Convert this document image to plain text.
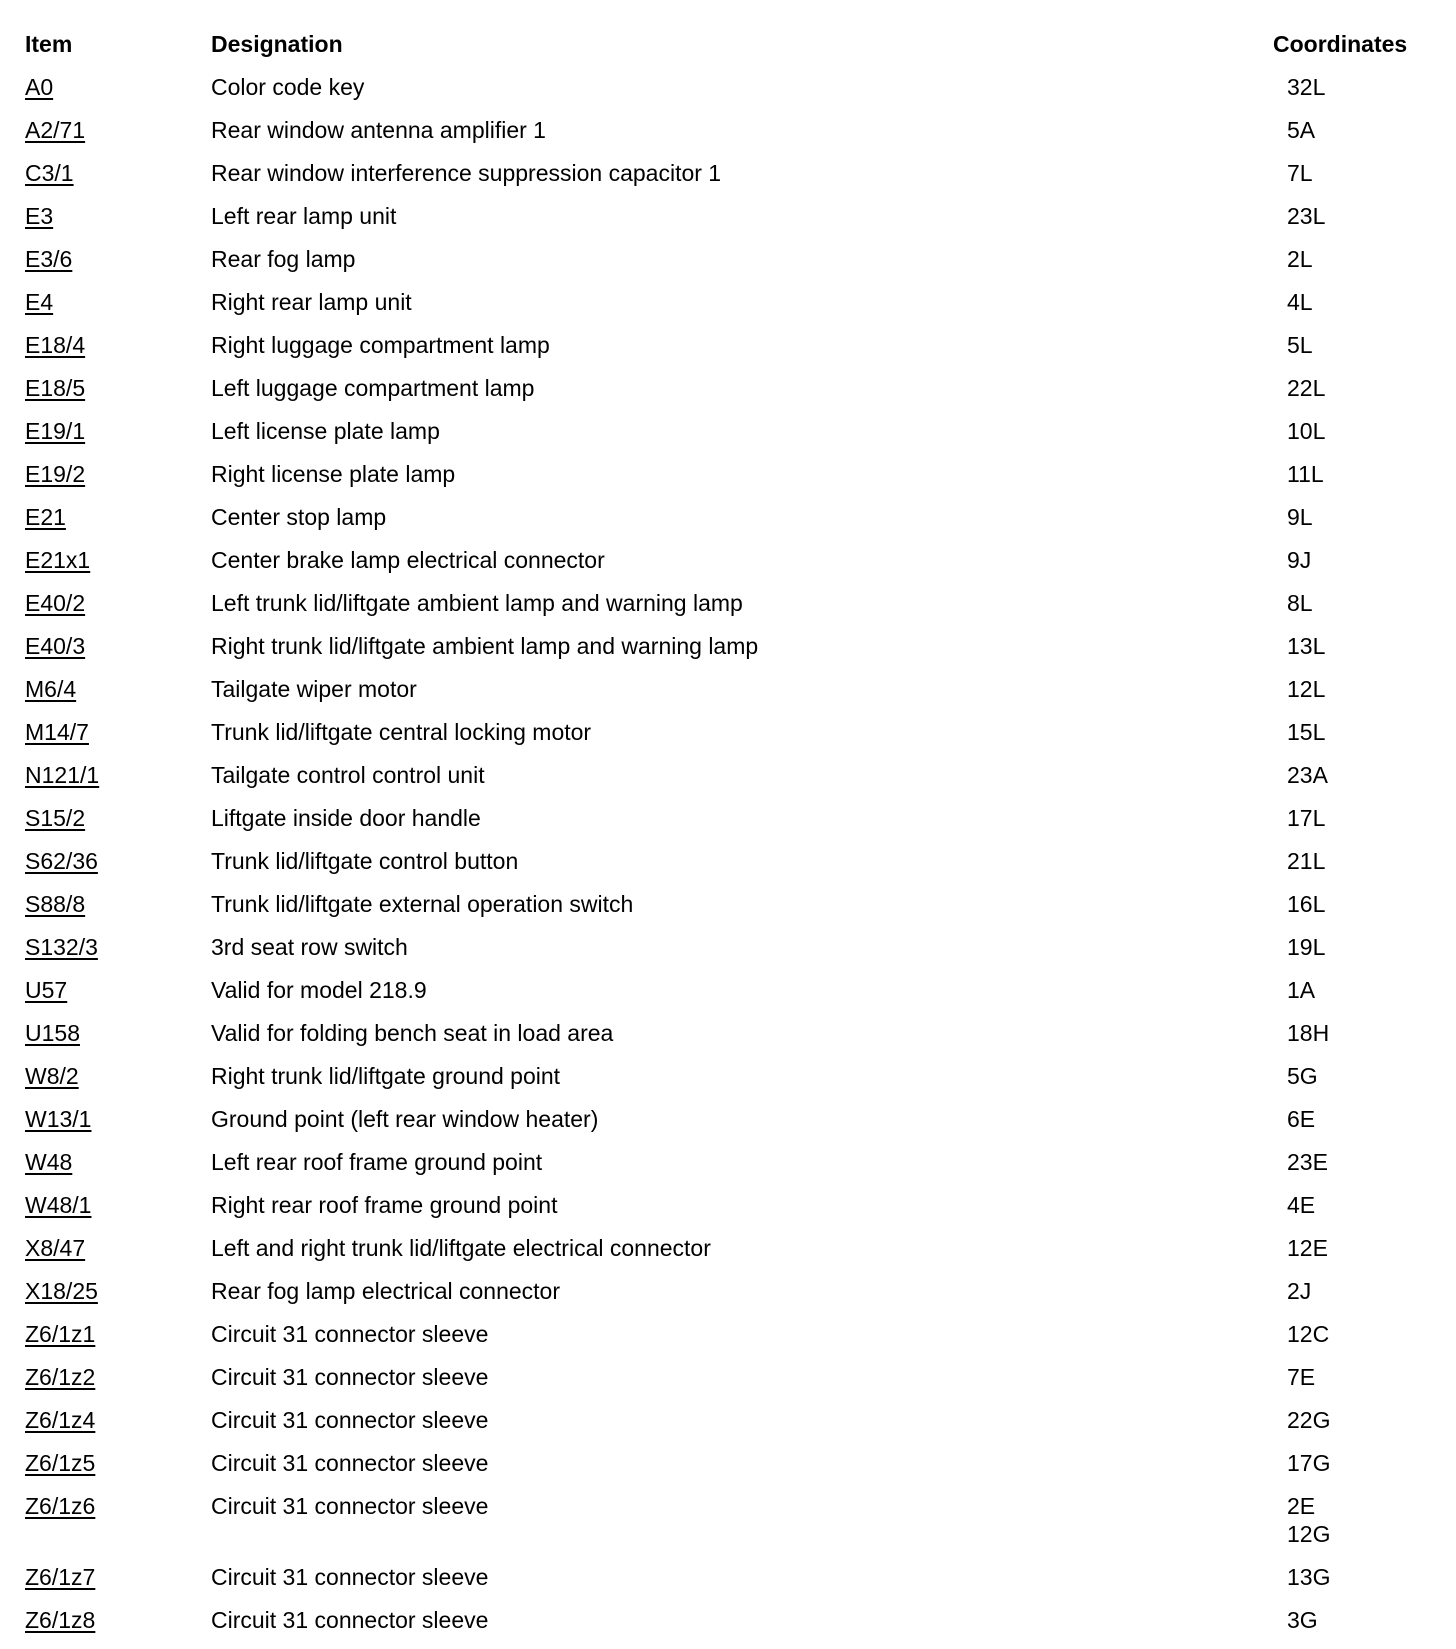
Item	Designation	Coordinates
A0	Color code key	32L
A2/71	Rear window antenna amplifier 1	5A
C3/1	Rear window interference suppression capacitor 1	7L
E3	Left rear lamp unit	23L
E3/6	Rear fog lamp	2L
E4	Right rear lamp unit	4L
E18/4	Right luggage compartment lamp	5L
E18/5	Left luggage compartment lamp	22L
E19/1	Left license plate lamp	10L
E19/2	Right license plate lamp	11L
E21	Center stop lamp	9L
E21x1	Center brake lamp electrical connector	9J
E40/2	Left trunk lid/liftgate ambient lamp and warning lamp	8L
E40/3	Right trunk lid/liftgate ambient lamp and warning lamp	13L
M6/4	Tailgate wiper motor	12L
M14/7	Trunk lid/liftgate central locking motor	15L
N121/1	Tailgate control control unit	23A
S15/2	Liftgate inside door handle	17L
S62/36	Trunk lid/liftgate control button	21L
S88/8	Trunk lid/liftgate external operation switch	16L
S132/3	3rd seat row switch	19L
U57	Valid for model 218.9	1A
U158	Valid for folding bench seat in load area	18H
W8/2	Right trunk lid/liftgate ground point	5G
W13/1	Ground point (left rear window heater)	6E
W48	Left rear roof frame ground point	23E
W48/1	Right rear roof frame ground point	4E
X8/47	Left and right trunk lid/liftgate electrical connector	12E
X18/25	Rear fog lamp electrical connector	2J
Z6/1z1	Circuit 31 connector sleeve	12C
Z6/1z2	Circuit 31 connector sleeve	7E
Z6/1z4	Circuit 31 connector sleeve	22G
Z6/1z5	Circuit 31 connector sleeve	17G
Z6/1z6	Circuit 31 connector sleeve	2E
12G
Z6/1z7	Circuit 31 connector sleeve	13G
Z6/1z8	Circuit 31 connector sleeve	3G
